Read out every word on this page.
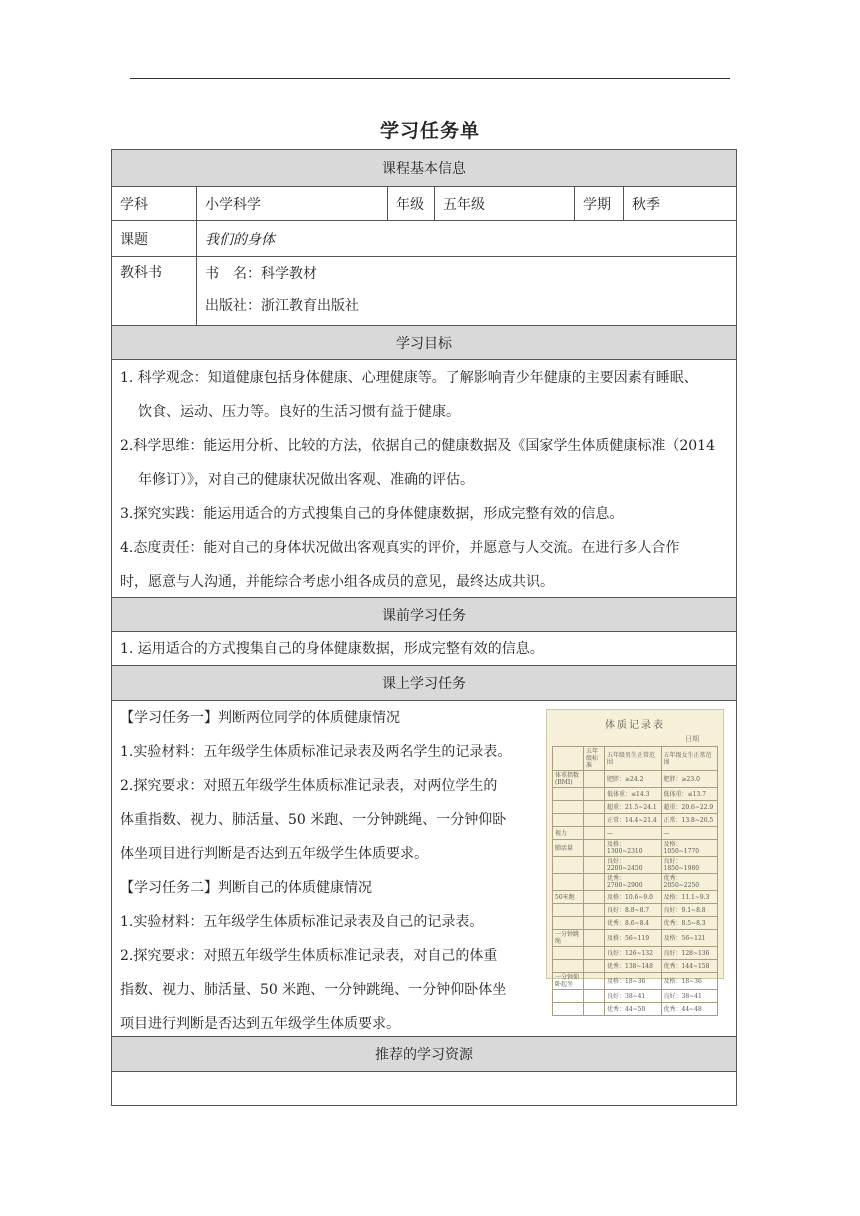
学习任务单
课程基本信息
学科	小学科学	年级	五年级	学期	秋季
课题	我们的身体
教科书	书　名：科学教材
出版社：浙江教育出版社
学习目标
1. 科学观念：知道健康包括身体健康、心理健康等。了解影响青少年健康的主要因素有睡眠、
饮食、运动、压力等。良好的生活习惯有益于健康。
2.科学思维：能运用分析、比较的方法，依据自己的健康数据及《国家学生体质健康标准（2014
年修订）》，对自己的健康状况做出客观、准确的评估。
3.探究实践：能运用适合的方式搜集自己的身体健康数据，形成完整有效的信息。
4.态度责任：能对自己的身体状况做出客观真实的评价，并愿意与人交流。在进行多人合作
时，愿意与人沟通，并能综合考虑小组各成员的意见，最终达成共识。
课前学习任务
1. 运用适合的方式搜集自己的身体健康数据，形成完整有效的信息。
课上学习任务
【学习任务一】判断两位同学的体质健康情况
1.实验材料：五年级学生体质标准记录表及两名学生的记录表。
2.探究要求：对照五年级学生体质标准记录表，对两位学生的
体重指数、视力、肺活量、50 米跑、一分钟跳绳、一分钟仰卧
体坐项目进行判断是否达到五年级学生体质要求。
【学习任务二】判断自己的体质健康情况
1.实验材料：五年级学生体质标准记录表及自己的记录表。
2.探究要求：对照五年级学生体质标准记录表，对自己的体重
指数、视力、肺活量、50 米跑、一分钟跳绳、一分钟仰卧体坐
项目进行判断是否达到五年级学生体质要求。
体质记录表
日期
	五年级标准	五年级男生正常范围	五年级女生正常范围
体重指数(BMI)		肥胖：≥24.2	肥胖：≥23.0
		低体重：≤14.3	低体重：≤13.7
		超重：21.5~24.1	超重：20.6~22.9
		正常：14.4~21.4	正常：13.8~20.5
视力		—	—
肺活量		及格：1300~2310	及格：1050~1770
		良好：2200~2450	良好：1850~1980
		优秀：2700~2900	优秀：2050~2250
50米跑		及格：10.6~9.0	及格：11.1~9.3
		良好：8.8~8.7	良好：9.1~8.8
		优秀：8.6~8.4	优秀：8.5~8.3
一分钟跳绳		及格：56~119	及格：56~121
		良好：126~132	良好：128~136
		优秀：138~148	优秀：144~158
一分钟仰卧起坐		及格：18~36	及格：18~36
		良好：38~41	良好：38~41
		优秀：44~50	优秀：44~48
推荐的学习资源
